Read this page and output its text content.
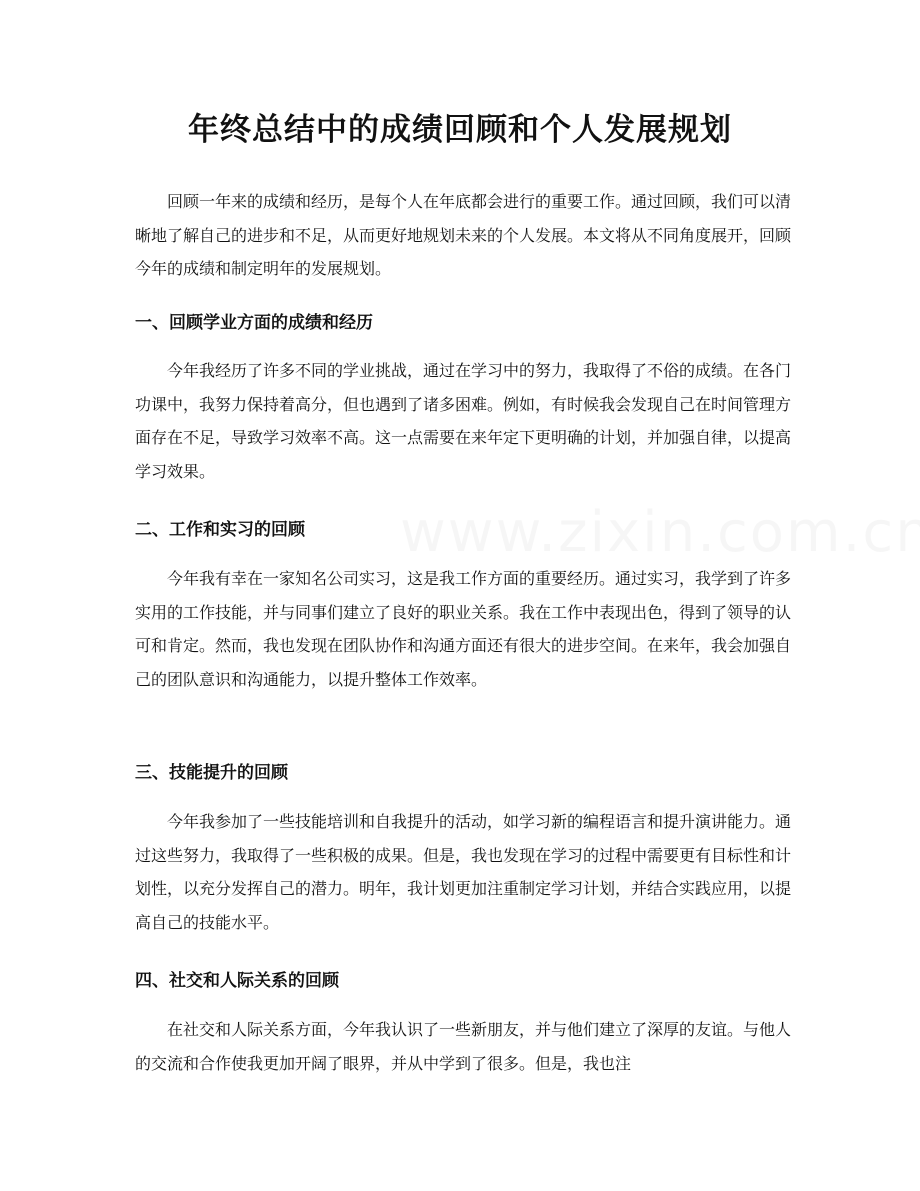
年终总结中的成绩回顾和个人发展规划
回顾一年来的成绩和经历，是每个人在年底都会进行的重要工作。通过回顾，我们可以清晰地了解自己的进步和不足，从而更好地规划未来的个人发展。本文将从不同角度展开，回顾今年的成绩和制定明年的发展规划。
一、回顾学业方面的成绩和经历
今年我经历了许多不同的学业挑战，通过在学习中的努力，我取得了不俗的成绩。在各门功课中，我努力保持着高分，但也遇到了诸多困难。例如，有时候我会发现自己在时间管理方面存在不足，导致学习效率不高。这一点需要在来年定下更明确的计划，并加强自律，以提高学习效果。
二、工作和实习的回顾
今年我有幸在一家知名公司实习，这是我工作方面的重要经历。通过实习，我学到了许多实用的工作技能，并与同事们建立了良好的职业关系。我在工作中表现出色，得到了领导的认可和肯定。然而，我也发现在团队协作和沟通方面还有很大的进步空间。在来年，我会加强自己的团队意识和沟通能力，以提升整体工作效率。
三、技能提升的回顾
今年我参加了一些技能培训和自我提升的活动，如学习新的编程语言和提升演讲能力。通过这些努力，我取得了一些积极的成果。但是，我也发现在学习的过程中需要更有目标性和计划性，以充分发挥自己的潜力。明年，我计划更加注重制定学习计划，并结合实践应用，以提高自己的技能水平。
四、社交和人际关系的回顾
在社交和人际关系方面，今年我认识了一些新朋友，并与他们建立了深厚的友谊。与他人的交流和合作使我更加开阔了眼界，并从中学到了很多。但是，我也注
